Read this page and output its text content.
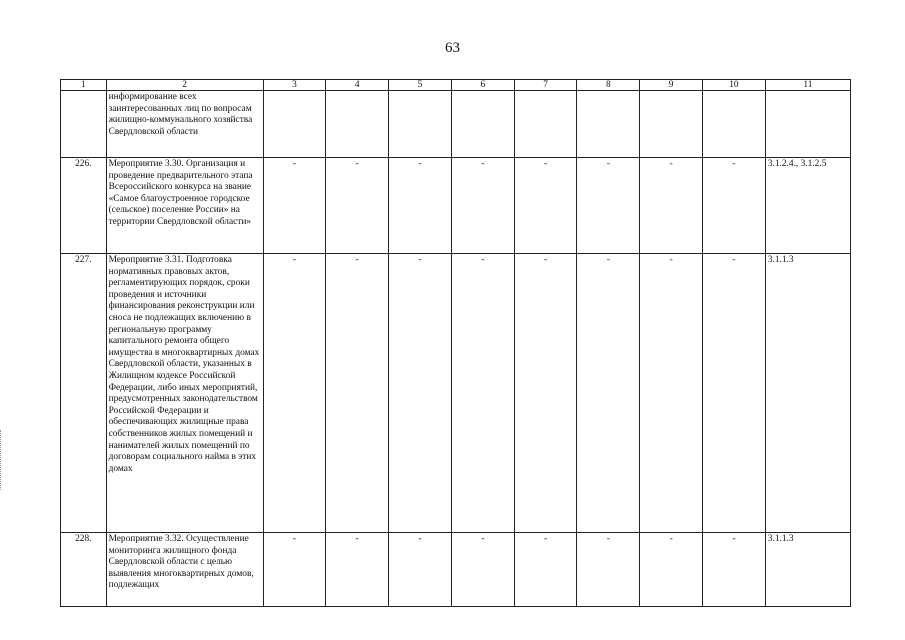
63
1	2	3	4	5	6	7	8	9	10	11
	информирование всех заинтересованных лиц по вопросам жилищно-коммунального хозяйства Свердловской области									
226.	Мероприятие 3.30. Организация и проведение предварительного этапа Всероссийского конкурса на звание «Самое благоустроенное городское (сельское) поселение России» на территории Свердловской области»	-	-	-	-	-	-	-	-	3.1.2.4., 3.1.2.5
227.	Мероприятие 3.31. Подготовка нормативных правовых актов, регламентирующих порядок, сроки проведения и источники финансирования реконструкции или сноса не подлежащих включению в региональную программу капитального ремонта общего имущества в многоквартирных домах Свердловской области, указанных в Жилищном кодексе Российской Федерации, либо иных мероприятий, предусмотренных законодательством Российской Федерации и обеспечивающих жилищные права собственников жилых помещений и нанимателей жилых помещений по договорам социального найма в этих домах	-	-	-	-	-	-	-	-	3.1.1.3
228.	Мероприятие 3.32. Осуществление мониторинга жилищного фонда Свердловской области с целью выявления многоквартирных домов, подлежащих	-	-	-	-	-	-	-	-	3.1.1.3
